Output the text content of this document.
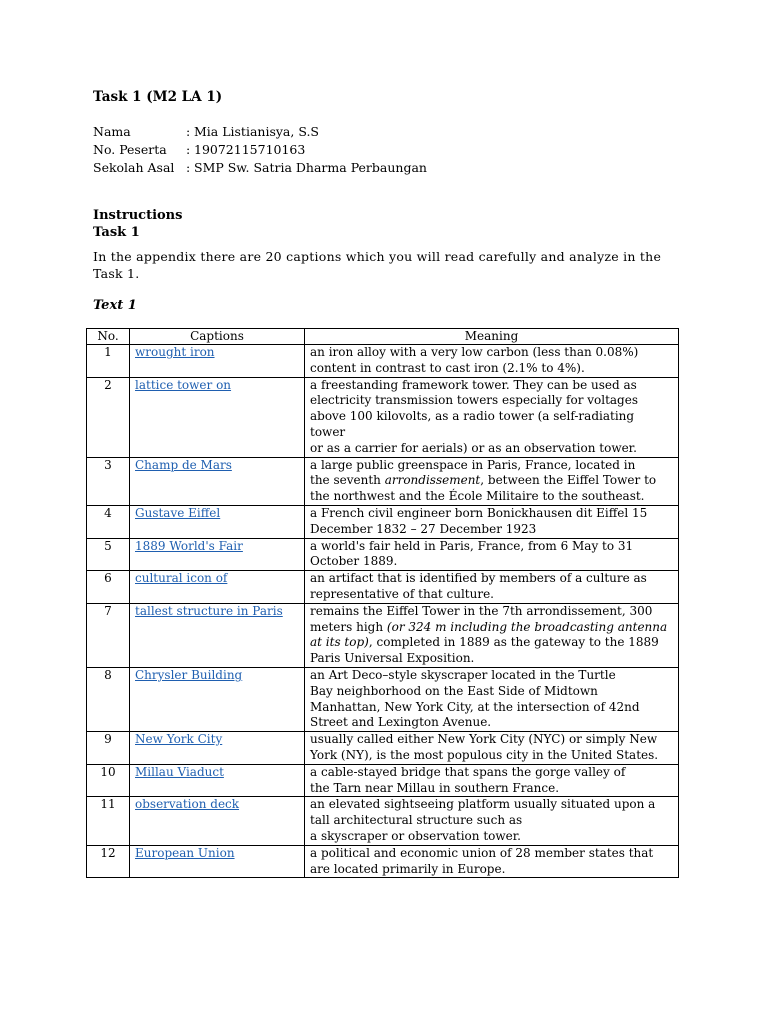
Task 1 (M2 LA 1)
Nama	: Mia Listianisya, S.S
No. Peserta : 19072115710163
Sekolah Asal : SMP Sw. Satria Dharma Perbaungan
Instructions
Task 1
In the appendix there are 20 captions which you will read carefully and analyze in the Task 1.
Text 1
No.	Captions	Meaning
1	wrought iron	an iron alloy with a very low carbon (less than 0.08%)
content in contrast to cast iron (2.1% to 4%).
2	lattice tower on	a freestanding framework tower. They can be used as
electricity transmission towers especially for voltages
above 100 kilovolts, as a radio tower (a self-radiating tower
or as a carrier for aerials) or as an observation tower.
3	Champ de Mars	a large public greenspace in Paris, France, located in
the seventh arrondissement, between the Eiffel Tower to
the northwest and the École Militaire to the southeast.
4	Gustave Eiffel	a French civil engineer born Bonickhausen dit Eiffel 15
December 1832 – 27 December 1923
5	1889 World's Fair	a world's fair held in Paris, France, from 6 May to 31
October 1889.
6	cultural icon of	an artifact that is identified by members of a culture as
representative of that culture.
7	tallest structure in Paris	remains the Eiffel Tower in the 7th arrondissement, 300
meters high (or 324 m including the broadcasting antenna
at its top), completed in 1889 as the gateway to the 1889
Paris Universal Exposition.
8	Chrysler Building	an Art Deco–style skyscraper located in the Turtle
Bay neighborhood on the East Side of Midtown
Manhattan, New York City, at the intersection of 42nd
Street and Lexington Avenue.
9	New York City	usually called either New York City (NYC) or simply New
York (NY), is the most populous city in the United States.
10	Millau Viaduct	a cable-stayed bridge that spans the gorge valley of
the Tarn near Millau in southern France.
11	observation deck	an elevated sightseeing platform usually situated upon a
tall architectural structure such as
a skyscraper or observation tower.
12	European Union	a political and economic union of 28 member states that
are located primarily in Europe.
